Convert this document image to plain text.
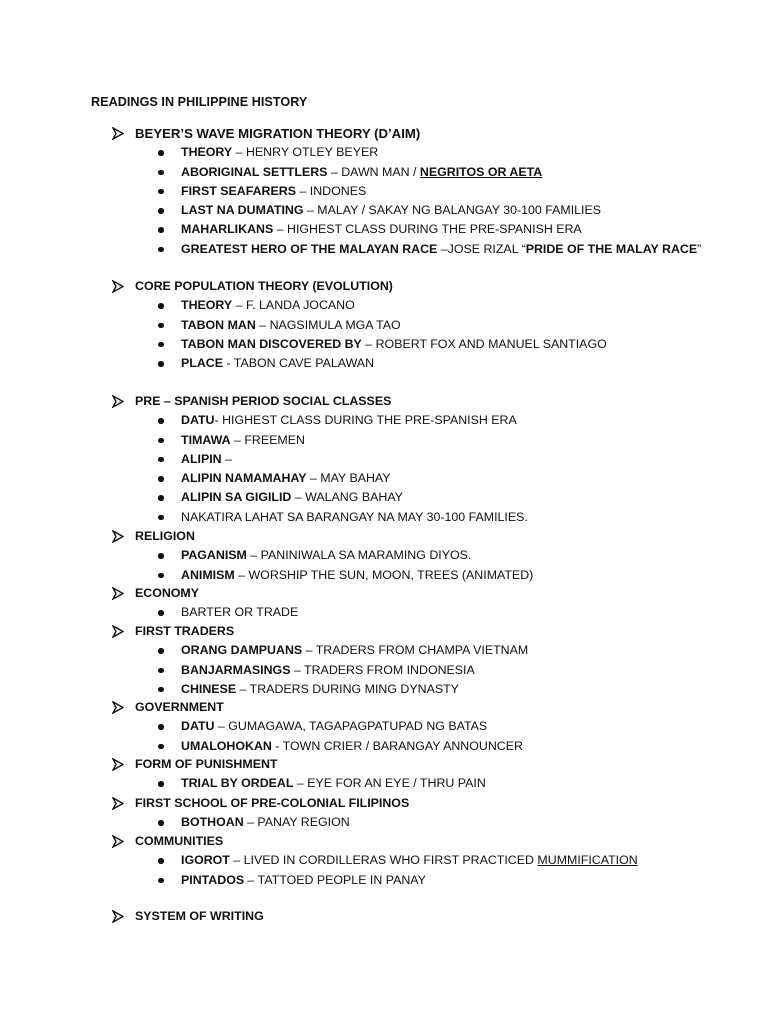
READINGS IN PHILIPPINE HISTORY
BEYER’S WAVE MIGRATION THEORY (D’AIM)
THEORY – HENRY OTLEY BEYER
ABORIGINAL SETTLERS – DAWN MAN / NEGRITOS OR AETA
FIRST SEAFARERS – INDONES
LAST NA DUMATING – MALAY / SAKAY NG BALANGAY 30-100 FAMILIES
MAHARLIKANS – HIGHEST CLASS DURING THE PRE-SPANISH ERA
GREATEST HERO OF THE MALAYAN RACE –JOSE RIZAL “PRIDE OF THE MALAY RACE”
CORE POPULATION THEORY (EVOLUTION)
THEORY – F. LANDA JOCANO
TABON MAN – NAGSIMULA MGA TAO
TABON MAN DISCOVERED BY – ROBERT FOX AND MANUEL SANTIAGO
PLACE - TABON CAVE PALAWAN
PRE – SPANISH PERIOD SOCIAL CLASSES
DATU- HIGHEST CLASS DURING THE PRE-SPANISH ERA
TIMAWA – FREEMEN
ALIPIN –
ALIPIN NAMAMAHAY – MAY BAHAY
ALIPIN SA GIGILID – WALANG BAHAY
NAKATIRA LAHAT SA BARANGAY NA MAY 30-100 FAMILIES.
RELIGION
PAGANISM – PANINIWALA SA MARAMING DIYOS.
ANIMISM – WORSHIP THE SUN, MOON, TREES (ANIMATED)
ECONOMY
BARTER OR TRADE
FIRST TRADERS
ORANG DAMPUANS – TRADERS FROM CHAMPA VIETNAM
BANJARMASINGS – TRADERS FROM INDONESIA
CHINESE – TRADERS DURING MING DYNASTY
GOVERNMENT
DATU – GUMAGAWA, TAGAPAGPATUPAD NG BATAS
UMALOHOKAN - TOWN CRIER / BARANGAY ANNOUNCER
FORM OF PUNISHMENT
TRIAL BY ORDEAL – EYE FOR AN EYE / THRU PAIN
FIRST SCHOOL OF PRE-COLONIAL FILIPINOS
BOTHOAN – PANAY REGION
COMMUNITIES
IGOROT – LIVED IN CORDILLERAS WHO FIRST PRACTICED MUMMIFICATION
PINTADOS – TATTOED PEOPLE IN PANAY
SYSTEM OF WRITING
